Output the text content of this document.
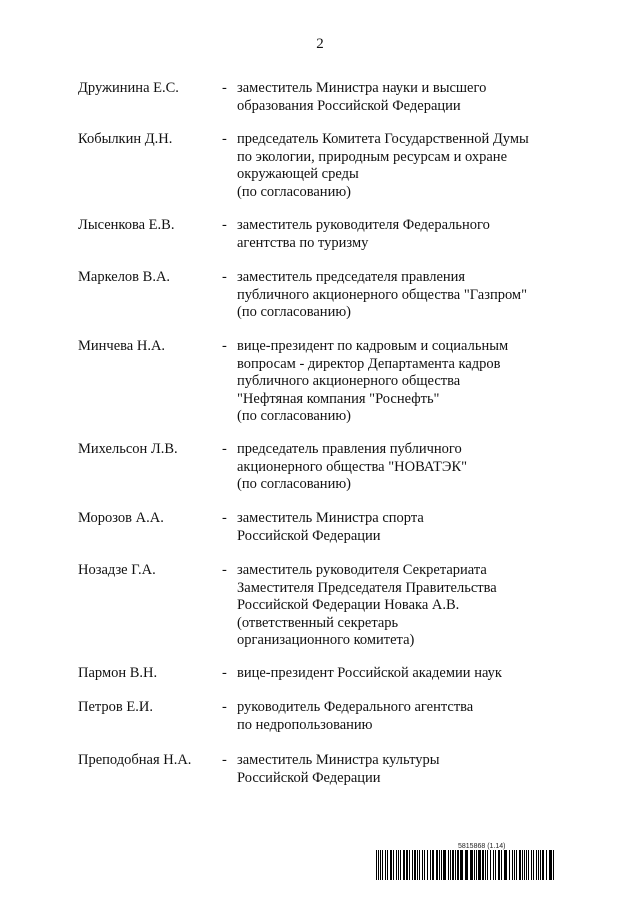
2
Дружинина Е.С.	- заместитель Министра науки и высшего
образования Российской Федерации
Кобылкин Д.Н.	- председатель Комитета Государственной Думы
по экологии, природным ресурсам и охране
окружающей среды
(по согласованию)
Лысенкова Е.В.	- заместитель руководителя Федерального
агентства по туризму
Маркелов В.А.	- заместитель председателя правления
публичного акционерного общества "Газпром"
(по согласованию)
Минчева Н.А.	- вице-президент по кадровым и социальным
вопросам - директор Департамента кадров
публичного акционерного общества
"Нефтяная компания "Роснефть"
(по согласованию)
Михельсон Л.В.	- председатель правления публичного
акционерного общества "НОВАТЭК"
(по согласованию)
Морозов А.А.	- заместитель Министра спорта
Российской Федерации
Нозадзе Г.А.	- заместитель руководителя Секретариата
Заместителя Председателя Правительства
Российской Федерации Новака А.В.
(ответственный секретарь
организационного комитета)
Пармон В.Н.	- вице-президент Российской академии наук
Петров Е.И.	- руководитель Федерального агентства
по недропользованию
Преподобная Н.А. - заместитель Министра культуры
Российской Федерации
5815868 (1.14)
